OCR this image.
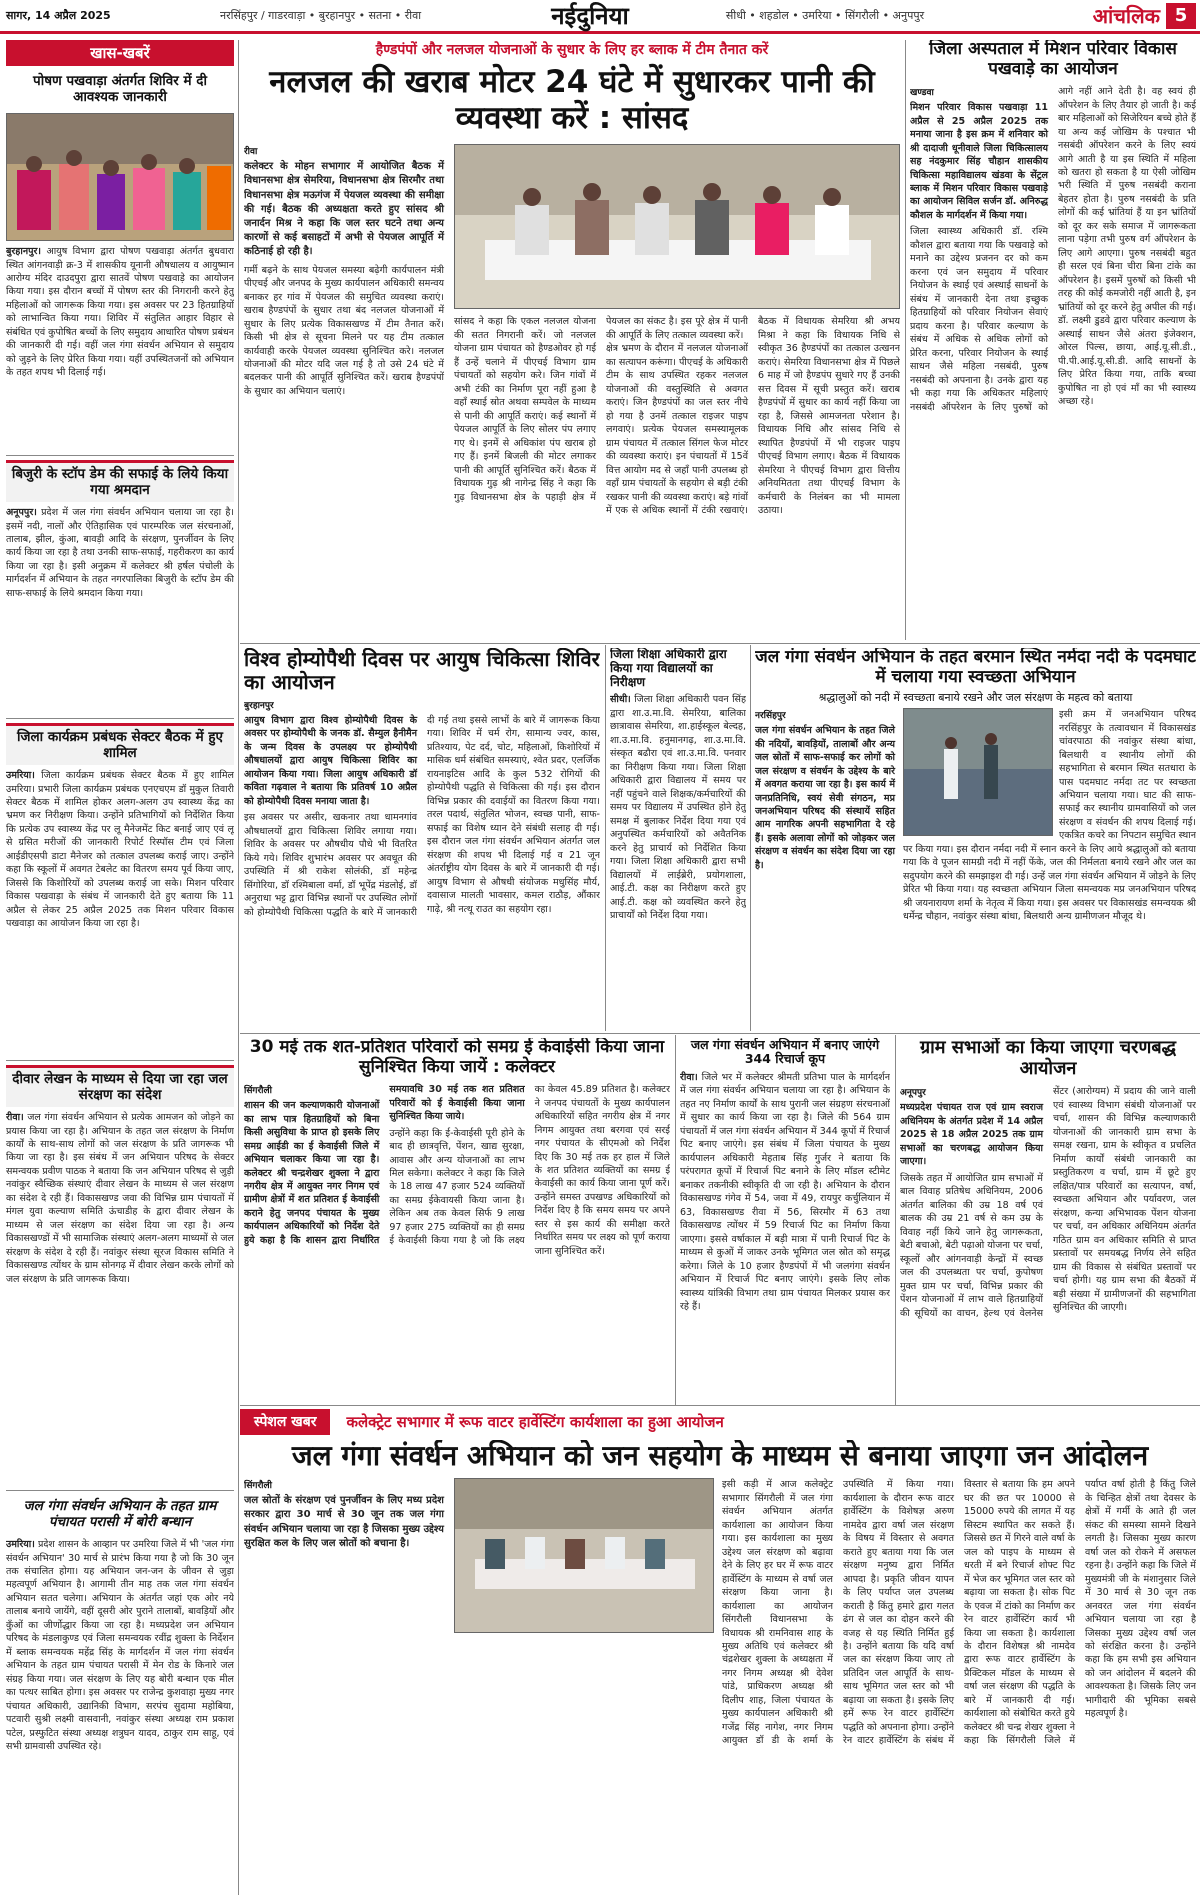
सागर, 14 अप्रैल 2025	नरसिंहपुर / गाडरवाड़ा • बुरहानपुर • सतना • रीवा	नईदुनिया	सीधी • शहडोल • उमरिया • सिंगरौली • अनुपपुर	आंचलिक 5
खास-खबरें
पोषण पखवाड़ा अंतर्गत शिविर में दी आवश्यक जानकारी

बुरहानपुर। आयुष विभाग द्वारा पोषण पखवाड़ा अंतर्गत बुधवारा स्थित आंगनवाड़ी क्र-3 में शासकीय यूनानी औषधालय व आयुष्मान आरोग्य मंदिर दाउदपुरा द्वारा सातवें पोषण पखवाड़े का आयोजन किया गया। इस दौरान बच्चों में पोषण स्तर की निगरानी करने हेतु महिलाओं को जागरूक किया गया। इस अवसर पर 23 हितग्राहियों को लाभान्वित किया गया। शिविर में संतुलित आहार विहार से संबंधित एवं कुपोषित बच्चों के लिए समुदाय आधारित पोषण प्रबंधन की जानकारी दी गई। वहीं जल गंगा संवर्धन अभियान से समुदाय को जुड़ने के लिए प्रेरित किया गया। यहीं उपस्थितजनों को अभियान के तहत शपथ भी दिलाई गई।

बिजुरी के स्टॉप डेम की सफाई के लिये किया गया श्रमदान

अनूपपुर। प्रदेश में जल गंगा संवर्धन अभियान चलाया जा रहा है। इसमें नदी, नालों और ऐतिहासिक एवं पारम्परिक जल संरचनाओं, तालाब, झील, कुंआ, बावड़ी आदि के संरक्षण, पुनर्जीवन के लिए कार्य किया जा रहा है तथा उनकी साफ-सफाई, गहरीकरण का कार्य किया जा रहा है। इसी अनुक्रम में कलेक्टर श्री हर्षल पंचोली के मार्गदर्शन में अभियान के तहत नगरपालिका बिजुरी के स्टॉप डेम की साफ-सफाई के लिये श्रमदान किया गया।

जिला कार्यक्रम प्रबंधक सेक्टर बैठक में हुए शामिल

उमरिया। जिला कार्यक्रम प्रबंधक सेक्टर बैठक में हुए शामिल उमरिया। प्रभारी जिला कार्यक्रम प्रबंधक एनएचएम डॉ मुकुल तिवारी सेक्टर बैठक में शामिल होकर अलग-अलग उप स्वास्थ्य केंद्र का भ्रमण कर निरीक्षण किया। उन्होंने प्रतिभागियों को निर्देशित किया कि प्रत्येक उप स्वास्थ्य केंद्र पर लू मैनेजमेंट किट बनाई जाए एवं लू से ग्रसित मरीजों की जानकारी रिपोर्ट रिस्पॉस टीम एवं जिला आईडीएसपी डाटा मैनेजर को तत्काल उपलब्ध कराई जाए। उन्होंने कहा कि स्कूलों में अवगत टेबलेट का वितरण समय पूर्व किया जाए, जिससे कि किशोरियों को उपलब्ध कराई जा सके। मिशन परिवार विकास पखवाड़ा के संबंध में जानकारी देते हुए बताया कि 11 अप्रैल से लेकर 25 अप्रैल 2025 तक मिशन परिवार विकास पखवाड़ा का आयोजन किया जा रहा है।

दीवार लेखन के माध्यम से दिया जा रहा जल संरक्षण का संदेश

रीवा। जल गंगा संवर्धन अभियान से प्रत्येक आमजन को जोड़ने का प्रयास किया जा रहा है। अभियान के तहत जल संरक्षण के निर्माण कार्यों के साथ-साथ लोगों को जल संरक्षण के प्रति जागरूक भी किया जा रहा है। इस संबंध में जन अभियान परिषद के सेक्टर समन्वयक प्रवीण पाठक ने बताया कि जन अभियान परिषद से जुड़ी नवांकुर स्वैच्छिक संस्थाएं दीवार लेखन के माध्यम से जल संरक्षण का संदेश दे रही हैं। विकासखण्ड जवा की विभिन्न ग्राम पंचायतों में मंगल युवा कल्याण समिति ऊंचाडीह के द्वारा दीवार लेखन के माध्यम से जल संरक्षण का संदेश दिया जा रहा है। अन्य विकासखण्डों में भी सामाजिक संस्थाएं अलग-अलग माध्यमों से जल संरक्षण के संदेश दे रही हैं। नवांकुर संस्था सूरज विकास समिति ने विकासखण्ड त्योंथर के ग्राम सोनगढ़ में दीवार लेखन करके लोगों को जल संरक्षण के प्रति जागरूक किया।

जल गंगा संवर्धन अभियान के तहत ग्राम पंचायत परासी में बोरी बन्धान

उमरिया। प्रदेश शासन के आव्हान पर उमरिया जिले में भी 'जल गंगा संवर्धन अभियान' 30 मार्च से प्रारंभ किया गया है जो कि 30 जून तक संचालित होगा। यह अभियान जन-जन के जीवन से जुड़ा महत्वपूर्ण अभियान है। आगामी तीन माह तक जल गंगा संवर्धन अभियान सतत चलेगा। अभियान के अंतर्गत जहां एक ओर नये तालाब बनाये जायेंगे, वहीं दूसरी ओर पुराने तालाबों, बावड़ियों और कुँओं का जीर्णोद्धार किया जा रहा है। मध्यप्रदेश जन अभियान परिषद के मंडलाकुण्ड एवं जिला समन्वयक रवींद्र शुक्ला के निर्देशन में ब्लाक समन्वयक महेंद्र सिंह के मार्गदर्शन में जल गंगा संवर्धन अभियान के तहत ग्राम पंचायत परासी में मेन रोड के किनारे जल संग्रह किया गया। जल संरक्षण के लिए यह बोरी बन्धान एक मील का पत्थर साबित होगा। इस अवसर पर राजेन्द्र कुशवाहा मुख्य नगर पंचायत अधिकारी, उद्यानिकी विभाग, सरपंच सुदामा महोबिया, पटवारी सुश्री लक्ष्मी वासवानी, नवांकुर संस्था अध्यक्ष राम प्रकाश पटेल, प्रस्फुटित संस्था अध्यक्ष शत्रुघन यादव, ठाकुर राम साहू, एवं सभी ग्रामवासी उपस्थित रहे।

हैण्डपंपों और नलजल योजनाओं के सुधार के लिए हर ब्लाक में टीम तैनात करें
नलजल की खराब मोटर 24 घंटे में सुधारकर पानी की व्यवस्था करें : सांसद
रीवा

कलेक्टर के मोहन सभागार में आयोजित बैठक में विधानसभा क्षेत्र सेमरिया, विधानसभा क्षेत्र सिरमौर तथा विधानसभा क्षेत्र मऊगंज में पेयजल व्यवस्था की समीक्षा की गई। बैठक की अध्यक्षता करते हुए सांसद श्री जनार्दन मिश्र ने कहा कि जल स्तर घटने तथा अन्य कारणों से कई बसाहटों में अभी से पेयजल आपूर्ति में कठिनाई हो रही है।

गर्मी बढ़ने के साथ पेयजल समस्या बढ़ेगी कार्यपालन मंत्री पीएचई और जनपद के मुख्य कार्यपालन अधिकारी समन्वय बनाकर हर गांव में पेयजल की समुचित व्यवस्था कराएं। खराब हैण्डपंपों के सुधार तथा बंद नलजल योजनाओं में सुधार के लिए प्रत्येक विकासखण्ड में टीम तैनात करें। किसी भी क्षेत्र से सूचना मिलने पर यह टीम तत्काल कार्यवाही करके पेयजल व्यवस्था सुनिश्चित करे। नलजल योजनाओं की मोटर यदि जल गई है तो उसे 24 घंटे में बदलकर पानी की आपूर्ति सुनिश्चित करें। खराब हैण्डपंपों के सुधार का अभियान चलाएं।

सांसद ने कहा कि एकल नलजल योजना की सतत निगरानी करें। जो नलजल योजना ग्राम पंचायत को हैण्डओवर हो गई हैं उन्हें चलाने में पीएचई विभाग ग्राम पंचायतों को सहयोग करे। जिन गांवों में अभी टंकी का निर्माण पूरा नहीं हुआ है वहाँ स्थाई स्रोत अथवा सम्पवेल के माध्यम से पानी की आपूर्ति कराएं। कई स्थानों में पेयजल आपूर्ति के लिए सोलर पंप लगाए गए थे। इनमें से अधिकांश पंप खराब हो गए हैं। इनमें बिजली की मोटर लगाकर पानी की आपूर्ति सुनिश्चित करें। बैठक में विधायक गुढ़ श्री नागेन्द्र सिंह ने कहा कि गुढ़ विधानसभा क्षेत्र के पहाड़ी क्षेत्र में पेयजल का संकट है। इस पूरे क्षेत्र में पानी की आपूर्ति के लिए तत्काल व्यवस्था करें।

क्षेत्र भ्रमण के दौरान में नलजल योजनाओं का सत्यापन करूंगा। पीएचई के अधिकारी टीम के साथ उपस्थित रहकर नलजल योजनाओं की वस्तुस्थिति से अवगत कराएं। जिन हैण्डपंपों का जल स्तर नीचे हो गया है उनमें तत्काल राइजर पाइप लगवाएं। प्रत्येक पेयजल समस्यामूलक ग्राम पंचायत में तत्काल सिंगल फेज मोटर की व्यवस्था कराएं। इन पंचायतों में 15वें वित्त आयोग मद से जहाँ पानी उपलब्ध हो वहाँ ग्राम पंचायतों के सहयोग से बड़ी टंकी रखकर पानी की व्यवस्था कराएं। बड़े गांवों में एक से अधिक स्थानों में टंकी रखवाएं। बैठक में विधायक सेमरिया श्री अभय मिश्रा ने कहा कि विधायक निधि से स्वीकृत 36 हैण्डपंपों का तत्काल उत्खनन कराएं। सेमरिया विधानसभा क्षेत्र में पिछले 6 माह में जो हैण्डपंप सुधारे गए हैं उनकी सत्त दिवस में सूची प्रस्तुत करें। खराब हैण्डपंपों में सुधार का कार्य नहीं किया जा रहा है, जिससे आमजनता परेशान है। विधायक निधि और सांसद निधि से स्थापित हैण्डपंपों में भी राइजर पाइप पीएचई विभाग लगाए। बैठक में विधायक सेमरिया ने पीएचई विभाग द्वारा वित्तीय अनियमितता तथा पीएचई विभाग के कर्मचारी के निलंबन का भी मामला उठाया।

जिला अस्पताल में मिशन परिवार विकास पखवाड़े का आयोजन
खण्डवा

मिशन परिवार विकास पखवाड़ा 11 अप्रैल से 25 अप्रैल 2025 तक मनाया जाना है इस क्रम में शनिवार को श्री दादाजी धूनीवाले जिला चिकित्सालय सह नंदकुमार सिंह चौहान शासकीय चिकित्सा महाविद्यालय खंडवा के सेंट्रल ब्लाक में मिशन परिवार विकास पखवाड़े का आयोजन सिविल सर्जन डॉ. अनिरुद्ध कौशल के मार्गदर्शन में किया गया।

जिला स्वास्थ्य अधिकारी डॉ. रश्मि कौशल द्वारा बताया गया कि पखवाड़े को मनाने का उद्देश्य प्रजनन दर को कम करना एवं जन समुदाय में परिवार नियोजन के स्थाई एवं अस्थाई साधनों के संबंध में जानकारी देना तथा इच्छुक हितग्राहियों को परिवार नियोजन सेवाएं प्रदाय करना है। परिवार कल्याण के संबंध में अधिक से अधिक लोगों को प्रेरित करना, परिवार नियोजन के स्थाई साधन जैसे महिला नसबंदी, पुरुष नसबंदी को अपनाना है। उनके द्वारा यह भी कहा गया कि अधिकतर महिलाएं नसबंदी ऑपरेशन के लिए पुरुषों को आगे नहीं आने देती है। वह स्वयं ही ऑपरेशन के लिए तैयार हो जाती है। कई बार महिलाओं को सिजेरियन बच्चे होते हैं या अन्य कई जोखिम के पश्चात भी नसबंदी ऑपरेशन करने के लिए स्वयं आगे आती है या इस स्थिति में महिला को खतरा हो सकता है या ऐसी जोखिम भरी स्थिति में पुरुष नसबंदी कराना बेहतर होता है। पुरुष नसबंदी के प्रति लोगों की कई भ्रांतियां हैं या इन भ्रांतियों को दूर कर सके समाज में जागरूकता लाना पड़ेगा तभी पुरुष वर्ग ऑपरेशन के लिए आगे आएगा। पुरुष नसबंदी बहुत ही सरल एवं बिना चीरा बिना टांके का ऑपरेशन है। इसमें पुरुषों को किसी भी तरह की कोई कमजोरी नहीं आती है, इन भ्रांतियों को दूर करने हेतु अपील की गई। डॉ. लक्ष्मी डुडवे द्वारा परिवार कल्याण के अस्थाई साधन जैसे अंतरा इंजेक्शन, ओरल पिल्स, छाया, आई.यू.सी.डी., पी.पी.आई.यू.सी.डी. आदि साधनों के लिए प्रेरित किया गया, ताकि बच्चा कुपोषित ना हो एवं माँ का भी स्वास्थ्य अच्छा रहे।

विश्व होम्योपैथी दिवस पर आयुष चिकित्सा शिविर का आयोजन
बुरहानपुर

आयुष विभाग द्वारा विश्व होम्योपैथी दिवस के अवसर पर होम्योपैथी के जनक डॉ. सैम्युल हैनीमैन के जन्म दिवस के उपलक्ष्य पर होम्योपैथी औषधालयों द्वारा आयुष चिकित्सा शिविर का आयोजन किया गया। जिला आयुष अधिकारी डॉ कविता गढ़वाल ने बताया कि प्रतिवर्ष 10 अप्रैल को होम्योपैथी दिवस मनाया जाता है।

इस अवसर पर असीर, खकनार तथा धामनगांव औषधालयों द्वारा चिकित्सा शिविर लगाया गया। शिविर के अवसर पर औषधीय पौधे भी वितरित किये गये। शिविर शुभारंभ अवसर पर अवधूत की उपस्थिति में श्री राकेश सोलंकी, डॉ महेन्द्र सिंगोरिया, डॉ रश्मिबाला वर्मा, डॉ भूपेंद्र मंडलोई, डॉ अनुराधा भट्ट द्वारा विभिन्न स्थानों पर उपस्थित लोगों को होम्योपैथी चिकित्सा पद्धति के बारे में जानकारी दी गई तथा इससे लाभों के बारे में जागरूक किया गया। शिविर में चर्म रोग, सामान्य ज्वर, कास, प्रतिश्याय, पेट दर्द, चोट, महिलाओं, किशोरियों में मासिक धर्म संबंधित समस्याएं, श्वेत प्रदर, एलर्जिक रायनाइटिस आदि के कुल 532 रोगियों की होम्योपैथी पद्धति से चिकित्सा की गई। इस दौरान विभिन्न प्रकार की दवाईयों का वितरण किया गया। तरल पदार्थ, संतुलित भोजन, स्वच्छ पानी, साफ-सफाई का विशेष ध्यान देने संबंधी सलाह दी गई। इस दौरान जल गंगा संवर्धन अभियान अंतर्गत जल संरक्षण की शपथ भी दिलाई गई व 21 जून अंतर्राष्ट्रीय योग दिवस के बारे में जानकारी दी गई। आयुष विभाग से औषधी संयोजक मधुसिंह मौर्य, दवासाज मालती भावसार, कमल राठौड़, औंकार गाढ़े, श्री नत्थू राउत का सहयोग रहा।

जिला शिक्षा अधिकारी द्वारा किया गया विद्यालयों का निरीक्षण

सीधी। जिला शिक्षा अधिकारी पवन सिंह द्वारा शा.उ.मा.वि. सेमरिया, बालिका छात्रावास सेमरिया, शा.हाईस्कूल बेल्दह, शा.उ.मा.वि. हनुमानगढ़, शा.उ.मा.वि. संस्कृत बढौरा एवं शा.उ.मा.वि. पनवार का निरीक्षण किया गया। जिला शिक्षा अधिकारी द्वारा विद्यालय में समय पर नहीं पहुंचने वाले शिक्षक/कर्मचारियों की समय पर विद्यालय में उपस्थित होने हेतु समक्ष में बुलाकर निर्देश दिया गया एवं अनुपस्थित कर्मचारियों को अवैतनिक करने हेतु प्राचार्य को निर्देशित किया गया। जिला शिक्षा अधिकारी द्वारा सभी विद्यालयों में लाईब्रेरी, प्रयोगशाला, आई.टी. कक्ष का निरीक्षण करते हुए आई.टी. कक्ष को व्यवस्थित करने हेतु प्राचार्यों को निर्देश दिया गया।

जल गंगा संवर्धन अभियान के तहत बरमान स्थित नर्मदा नदी के पदमघाट में चलाया गया स्वच्छता अभियान
श्रद्धालुओं को नदी में स्वच्छता बनाये रखने और जल संरक्षण के महत्व को बताया
नरसिंहपुर

जल गंगा संवर्धन अभियान के तहत जिले की नदियों, बावड़ियों, तालाबों और अन्य जल स्रोतों में साफ-सफाई कर लोगों को जल संरक्षण व संवर्धन के उद्देश्य के बारे में अवगत कराया जा रहा है। इस कार्य में जनप्रतिनिधि, स्वयं सेवी संगठन, मप्र जनअभियान परिषद की संस्थायें सहित आम नागरिक अपनी सहभागिता दे रहे हैं। इसके अलावा लोगों को जोड़कर जल संरक्षण व संवर्धन का संदेश दिया जा रहा है।

इसी क्रम में जनअभियान परिषद नरसिंहपुर के तत्वावधान में विकासखंड चांवरपाठा की नवांकुर संस्था बांधा, बिलथारी व स्थानीय लोगों की सहभागिता से बरमान स्थित सतधारा के पास पदमघाट नर्मदा तट पर स्वच्छता अभियान चलाया गया। घाट की साफ-सफाई कर स्थानीय ग्रामवासियों को जल संरक्षण व संवर्धन की शपथ दिलाई गई। एकत्रित कचरे का निपटान समुचित स्थान पर किया गया। इस दौरान नर्मदा नदी में स्नान करने के लिए आये श्रद्धालुओं को बताया गया कि वे पूजन सामग्री नदी में नहीं फेंके, जल की निर्मलता बनाये रखने और जल का सदुपयोग करने की समझाइश दी गई। उन्हें जल गंगा संवर्धन अभियान में जोड़ने के लिए प्रेरित भी किया गया। यह स्वच्छता अभियान जिला समन्वयक मप्र जनअभियान परिषद श्री जयनारायण शर्मा के नेतृत्व में किया गया। इस अवसर पर विकासखंड समन्वयक श्री धर्मेन्द्र चौहान, नवांकुर संस्था बांधा, बिलथारी अन्य ग्रामीणजन मौजूद थे।

30 मई तक शत-प्रतिशत परिवारों को समग्र ई केवाईसी किया जाना सुनिश्चित किया जायें : कलेक्टर
सिंगरौली

शासन की जन कल्याणकारी योजनाओं का लाभ पात्र हितग्राहियों को बिना किसी असुविधा के प्राप्त हो इसके लिए समग्र आईडी का ई केवाईसी जिले में अभियान चलाकर किया जा रहा है। कलेक्टर श्री चन्द्रशेखर शुक्ला ने द्वारा नगरीय क्षेत्र में आयुक्त नगर निगम एवं ग्रामीण क्षेत्रों में शत प्रतिशत ई केवाईसी कराने हेतु जनपद पंचायत के मुख्य कार्यपालन अधिकारियों को निर्देश देते हुये कहा है कि शासन द्वारा निर्धारित समयावधि 30 मई तक शत प्रतिशत परिवारों को ई केवाईसी किया जाना सुनिश्चित किया जाये।

उन्होंने कहा कि ई-केवाईसी पूरी होने के बाद ही छात्रवृत्ति, पेंशन, खाद्य सुरक्षा, आवास और अन्य योजनाओं का लाभ मिल सकेगा। कलेक्टर ने कहा कि जिले के 18 लाख 47 हजार 524 व्यक्तियों का समग्र ईकेवायसी किया जाना है। लेकिन अब तक केवल सिर्फ 9 लाख 97 हजार 275 व्यक्तियों का ही समग्र ई केवाईसी किया गया है जो कि लक्ष्य का केवल 45.89 प्रतिशत है। कलेक्टर ने जनपद पंचायतों के मुख्य कार्यपालन अधिकारियों सहित नगरीय क्षेत्र में नगर निगम आयुक्त तथा बरगवा एवं सरई नगर पंचायत के सीएमओ को निर्देश दिए कि 30 मई तक हर हाल में जिले के शत प्रतिशत व्यक्तियों का समग्र ई केवाईसी का कार्य किया जाना पूर्ण करें। उन्होंने समस्त उपखण्ड अधिकारियों को निर्देश दिए है कि समय समय पर अपने स्तर से इस कार्य की समीक्षा करते निर्धारित समय पर लक्ष्य को पूर्ण कराया जाना सुनिश्चित करें।

जल गंगा संवर्धन अभियान में बनाए जाएंगे 344 रिचार्ज कूप

रीवा। जिले भर में कलेक्टर श्रीमती प्रतिभा पाल के मार्गदर्शन में जल गंगा संवर्धन अभियान चलाया जा रहा है। अभियान के तहत नए निर्माण कार्यों के साथ पुरानी जल संग्रहण संरचनाओं में सुधार का कार्य किया जा रहा है। जिले की 564 ग्राम पंचायतों में जल गंगा संवर्धन अभियान में 344 कूपों में रिचार्ज पिट बनाए जाएंगे। इस संबंध में जिला पंचायत के मुख्य कार्यपालन अधिकारी मेहताब सिंह गुर्जर ने बताया कि परंपरागत कूपों में रिचार्ज पिट बनाने के लिए मॉडल स्टीमेट बनाकर तकनीकी स्वीकृति दी जा रही है। अभियान के दौरान विकासखण्ड गंगेव में 54, जवा में 49, रायपुर कर्चुलियान में 63, विकासखण्ड रीवा में 56, सिरमौर में 63 तथा विकासखण्ड त्योंथर में 59 रिचार्ज पिट का निर्माण किया जाएगा। इससे वर्षाकाल में बड़ी मात्रा में पानी रिचार्ज पिट के माध्यम से कुओं में जाकर उनके भूमिगत जल स्रोत को समृद्ध करेगा। जिले के 10 हजार हैण्डपंपों में भी जलगंगा संवर्धन अभियान में रिचार्ज पिट बनाए जाएंगे। इसके लिए लोक स्वास्थ्य यांत्रिकी विभाग तथा ग्राम पंचायत मिलकर प्रयास कर रहे हैं।

ग्राम सभाओं का किया जाएगा चरणबद्ध आयोजन
अनूपपुर

मध्यप्रदेश पंचायत राज एवं ग्राम स्वराज अधिनियम के अंतर्गत प्रदेश में 14 अप्रैल 2025 से 18 अप्रैल 2025 तक ग्राम सभाओं का चरणबद्ध आयोजन किया जाएगा।

जिसके तहत में आयोजित ग्राम सभाओं में बाल विवाह प्रतिषेध अधिनियम, 2006 अंतर्गत बालिका की उम्र 18 वर्ष एवं बालक की उम्र 21 वर्ष से कम उम्र के विवाह नहीं किये जाने हेतु जागरूकता, बेटी बचाओ, बेटी पढ़ाओ योजना पर चर्चा, स्कूलों और आंगनवाड़ी केन्द्रों में स्वच्छ जल की उपलब्धता पर चर्चा, कुपोषण मुक्त ग्राम पर चर्चा, विभिन्न प्रकार की पेंशन योजनाओं में लाभ वाले हितग्राहियों की सूचियों का वाचन, हेल्थ एवं वेलनेस सेंटर (आरोग्यम) में प्रदाय की जाने वाली एवं स्वास्थ्य विभाग संबंधी योजनाओं पर चर्चा, शासन की विभिन्न कल्याणकारी योजनाओं की जानकारी ग्राम सभा के समक्ष रखना, ग्राम के स्वीकृत व प्रचलित निर्माण कार्यों संबंधी जानकारी का प्रस्तुतिकरण व चर्चा, ग्राम में छूटे हुए लक्षित/पात्र परिवारों का सत्यापन, वर्षा, स्वच्छता अभियान और पर्यावरण, जल संरक्षण, कन्या अभिभावक पेंशन योजना पर चर्चा, वन अधिकार अधिनियम अंतर्गत गठित ग्राम वन अधिकार समिति से प्राप्त प्रस्तावों पर समयबद्ध निर्णय लेने सहित ग्राम की विकास से संबंधित प्रस्तावों पर चर्चा होगी। यह ग्राम सभा की बैठकों में बड़ी संख्या में ग्रामीणजनों की सहभागिता सुनिश्चित की जाएगी।

स्पेशल खबर	कलेक्ट्रेट सभागार में रूफ वाटर हार्वेस्टिंग कार्यशाला का हुआ आयोजन
जल गंगा संवर्धन अभियान को जन सहयोग के माध्यम से बनाया जाएगा जन आंदोलन
सिंगरौली

जल स्रोतों के संरक्षण एवं पुनर्जीवन के लिए मध्य प्रदेश सरकार द्वारा 30 मार्च से 30 जून तक जल गंगा संवर्धन अभियान चलाया जा रहा है जिसका मुख्य उद्देश्य सुरक्षित कल के लिए जल स्रोतों को बचाना है।

इसी कड़ी में आज कलेक्ट्रेट सभागार सिंगरौली में जल गंगा संवर्धन अभियान अंतर्गत कार्यशाला का आयोजन किया गया। इस कार्यशाला का मुख्य उद्देश्य जल संरक्षण को बढ़ावा देने के लिए हर घर में रूफ वाटर हार्वेस्टिंग के माध्यम से वर्षा जल संरक्षण किया जाना है। कार्यशाला का आयोजन सिंगरौली विधानसभा के विधायक श्री रामनिवास शाह के मुख्य अतिथि एवं कलेक्टर श्री चंद्रशेखर शुक्ला के अध्यक्षता में नगर निगम अध्यक्ष श्री देवेश पांडे, प्राधिकरण अध्यक्ष श्री दिलीप शाह, जिला पंचायत के मुख्य कार्यपालन अधिकारी श्री गजेंद्र सिंह नागेश, नगर निगम आयुक्त डॉ डी के शर्मा के उपस्थिति में किया गया। कार्यशाला के दौरान रूफ वाटर हार्वेस्टिंग के विशेषज्ञ अरुण नामदेव द्वारा वर्षा जल संरक्षण के विषय में विस्तार से अवगत कराते हुए बताया गया कि जल संरक्षण मनुष्य द्वारा निर्मित आपदा है। प्रकृति जीवन यापन के लिए पर्याप्त जल उपलब्ध कराती है किंतु हमारे द्वारा गलत ढंग से जल का दोहन करने की वजह से यह स्थिति निर्मित हुई है। उन्होंने बताया कि यदि वर्षा जल का संरक्षण किया जाए तो प्रतिदिन जल आपूर्ति के साथ-साथ भूमिगत जल स्तर को भी बढ़ाया जा सकता है। इसके लिए हमें रूफ रेन वाटर हार्वेस्टिंग पद्धति को अपनाना होगा। उन्होंने रेन वाटर हार्वेस्टिंग के संबंध में विस्तार से बताया कि हम अपने घर की छत पर 10000 से 15000 रुपये की लागत में यह सिस्टम स्थापित कर सकते हैं। जिससे छत में गिरने वाले वर्षा के जल को पाइप के माध्यम से धरती में बने रिचार्ज शोफ्ट पिट में भेज कर भूमिगत जल स्तर को बढ़ाया जा सकता है। सोक पिट के एवज में टांको का निर्माण कर रेन वाटर हार्वेस्टिंग कार्य भी किया जा सकता है। कार्यशाला के दौरान विशेषज्ञ श्री नामदेव द्वारा रूफ वाटर हार्वेस्टिंग के प्रैक्टिकल मॉडल के माध्यम से वर्षा जल संरक्षण की पद्धति के बारे में जानकारी दी गई। कार्यशाला को संबोधित करते हुये कलेक्टर श्री चन्द्र शेखर शुक्ला ने कहा कि सिंगरौली जिले में पर्याप्त वर्षा होती है किंतु जिले के चिन्हित क्षेत्रों तथा देवसर के क्षेत्रों में गर्मी के आते ही जल संकट की समस्या सामने दिखने लगती है। जिसका मुख्य कारण वर्षा जल को रोकने में असफल रहना है। उन्होंने कहा कि जिले में मुख्यमंत्री जी के मंशानुसार जिले में 30 मार्च से 30 जून तक अनवरत जल गंगा संवर्धन अभियान चलाया जा रहा है जिसका मुख्य उद्देश्य वर्षा जल को संरक्षित करना है। उन्होंने कहा कि हम सभी इस अभियान को जन आंदोलन में बदलने की आवश्यकता है। जिसके लिए जन भागीदारी की भूमिका सबसे महत्वपूर्ण है।
